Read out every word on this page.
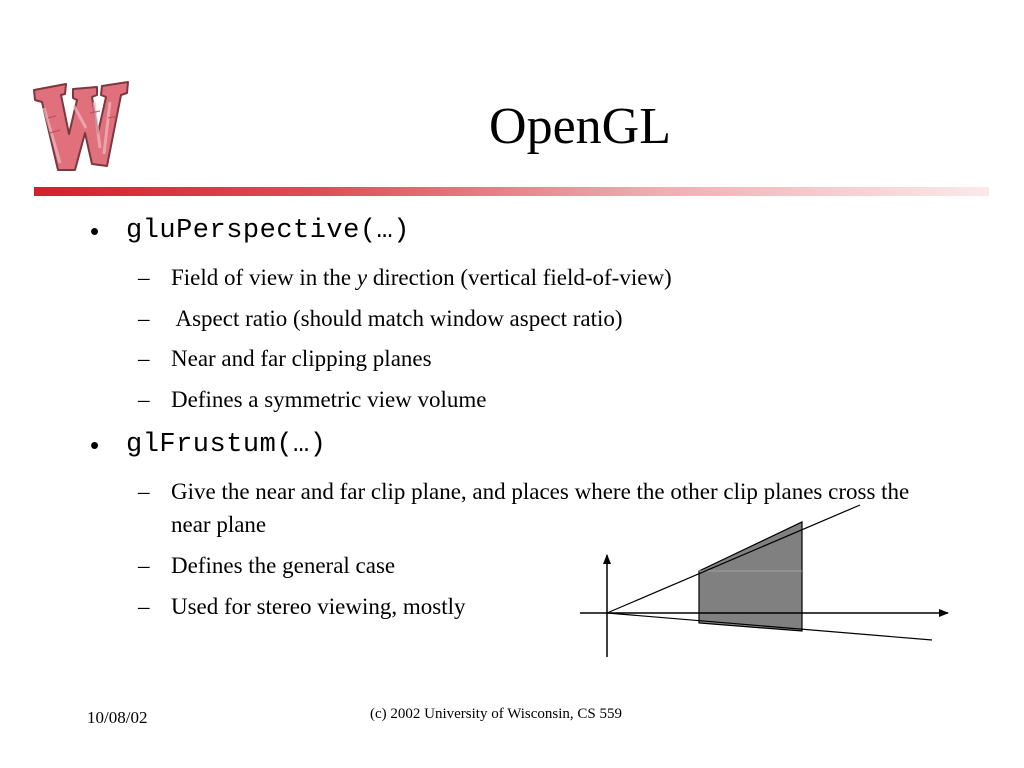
OpenGL
• gluPerspective(…)
– Field of view in the y direction (vertical field-of-view)
– Aspect ratio (should match window aspect ratio)
– Near and far clipping planes
– Defines a symmetric view volume
• glFrustum(…)
– Give the near and far clip plane, and places where the other clip planes cross the near plane
– Defines the general case
– Used for stereo viewing, mostly
10/08/02	(c) 2002 University of Wisconsin, CS 559
